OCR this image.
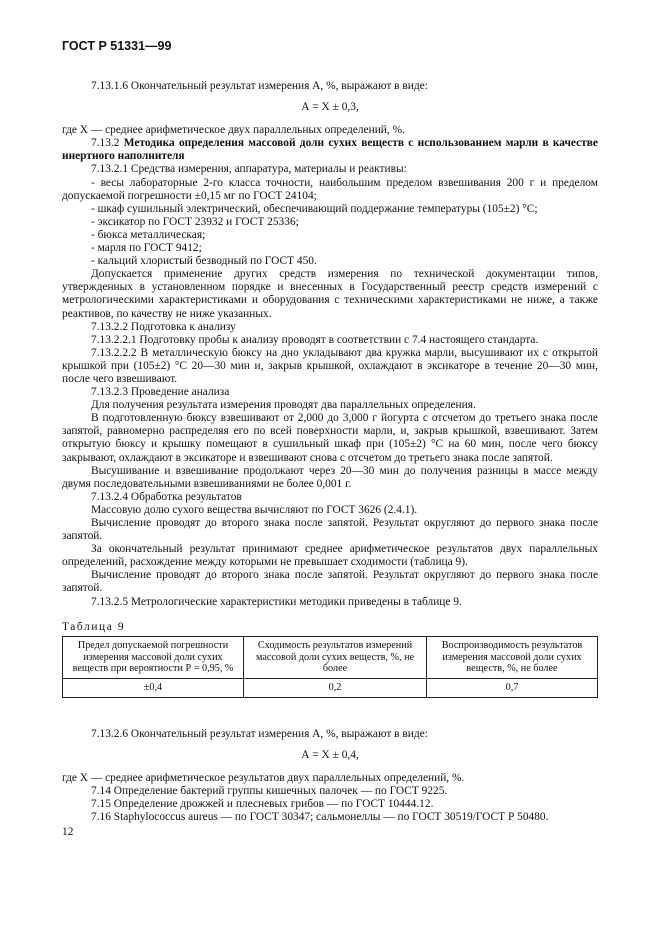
ГОСТ Р 51331—99

7.13.1.6 Окончательный результат измерения А, %, выражают в виде:

А = Х ± 0,3,

где Х — среднее арифметическое двух параллельных определений, %.

7.13.2 Методика определения массовой доли сухих веществ с использованием марли в качестве инертного наполнителя

7.13.2.1 Средства измерения, аппаратура, материалы и реактивы:

- весы лабораторные 2-го класса точности, наибольшим пределом взвешивания 200 г и пределом допускаемой погрешности ±0,15 мг по ГОСТ 24104;

- шкаф сушильный электрический, обеспечивающий поддержание температуры (105±2) °С;

- эксикатор по ГОСТ 23932 и ГОСТ 25336;

- бюкса металлическая;

- марля по ГОСТ 9412;

- кальций хлористый безводный по ГОСТ 450.

Допускается применение других средств измерения по технической документации типов, утвержденных в установленном порядке и внесенных в Государственный реестр средств измерений с метрологическими характеристиками и оборудования с техническими характеристиками не ниже, а также реактивов, по качеству не ниже указанных.

7.13.2.2 Подготовка к анализу

7.13.2.2.1 Подготовку пробы к анализу проводят в соответствии с 7.4 настоящего стандарта.

7.13.2.2.2 В металлическую бюксу на дно укладывают два кружка марли, высушивают их с открытой крышкой при (105±2) °С 20—30 мин и, закрыв крышкой, охлаждают в эксикаторе в течение 20—30 мин, после чего взвешивают.

7.13.2.3 Проведение анализа

Для получения результата измерения проводят два параллельных определения.

В подготовленную бюксу взвешивают от 2,000 до 3,000 г йогурта с отсчетом до третьего знака после запятой, равномерно распределяя его по всей поверхности марли, и, закрыв крышкой, взвешивают. Затем открытую бюксу и крышку помещают в сушильный шкаф при (105±2) °С на 60 мин, после чего бюксу закрывают, охлаждают в эксикаторе и взвешивают снова с отсчетом до третьего знака после запятой.

Высушивание и взвешивание продолжают через 20—30 мин до получения разницы в массе между двумя последовательными взвешиваниями не более 0,001 г.

7.13.2.4 Обработка результатов

Массовую долю сухого вещества вычисляют по ГОСТ 3626 (2.4.1).

Вычисление проводят до второго знака после запятой. Результат округляют до первого знака после запятой.

За окончательный результат принимают среднее арифметическое результатов двух параллельных определений, расхождение между которыми не превышает сходимости (таблица 9).

Вычисление проводят до второго знака после запятой. Результат округляют до первого знака после запятой.

7.13.2.5 Метрологические характеристики методики приведены в таблице 9.

Таблица 9

Предел допускаемой погрешности измерения массовой доли сухих веществ при вероятности Р = 0,95, %	Сходимость результатов измерений массовой доли сухих веществ, %, не более	Воспроизводимость результатов измерения массовой доли сухих веществ, %, не более
±0,4	0,2	0,7

7.13.2.6 Окончательный результат измерения А, %, выражают в виде:

А = Х ± 0,4,

где Х — среднее арифметическое результатов двух параллельных определений, %.

7.14 Определение бактерий группы кишечных палочек — по ГОСТ 9225.

7.15 Определение дрожжей и плесневых грибов — по ГОСТ 10444.12.

7.16 Staphylococcus aureus — по ГОСТ 30347; сальмонеллы — по ГОСТ 30519/ГОСТ Р 50480.

12
